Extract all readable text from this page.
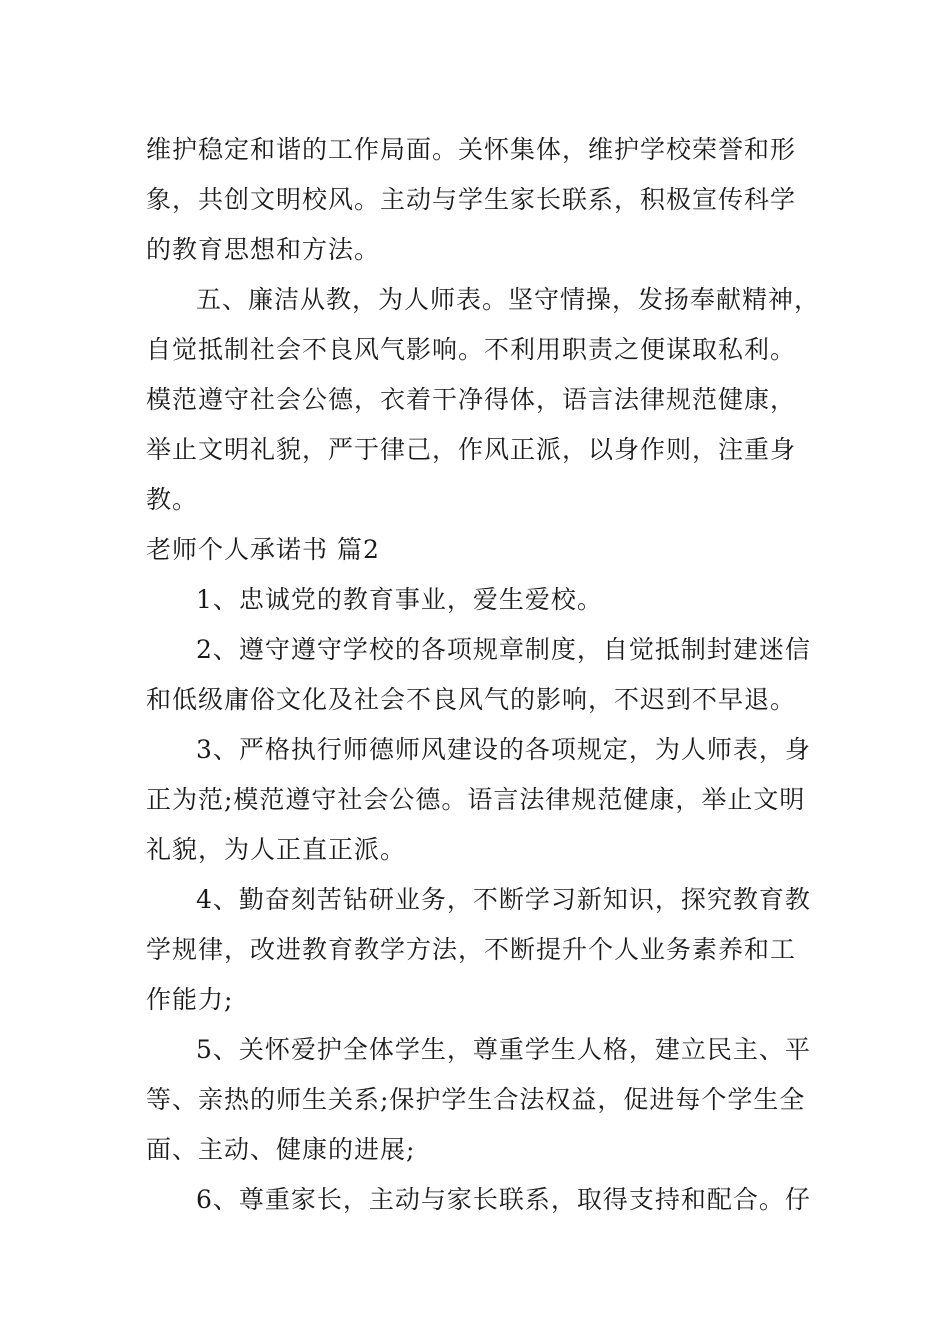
维护稳定和谐的工作局面。关怀集体，维护学校荣誉和形
象，共创文明校风。主动与学生家长联系，积极宣传科学
的教育思想和方法。
五、廉洁从教，为人师表。坚守情操，发扬奉献精神，
自觉抵制社会不良风气影响。不利用职责之便谋取私利。
模范遵守社会公德，衣着干净得体，语言法律规范健康，
举止文明礼貌，严于律己，作风正派，以身作则，注重身
教。
老师个人承诺书 篇2
1、忠诚党的教育事业，爱生爱校。
2、遵守遵守学校的各项规章制度，自觉抵制封建迷信
和低级庸俗文化及社会不良风气的影响，不迟到不早退。
3、严格执行师德师风建设的各项规定，为人师表，身
正为范;模范遵守社会公德。语言法律规范健康，举止文明
礼貌，为人正直正派。
4、勤奋刻苦钻研业务，不断学习新知识，探究教育教
学规律，改进教育教学方法，不断提升个人业务素养和工
作能力;
5、关怀爱护全体学生，尊重学生人格，建立民主、平
等、亲热的师生关系;保护学生合法权益，促进每个学生全
面、主动、健康的进展;
6、尊重家长，主动与家长联系，取得支持和配合。仔
